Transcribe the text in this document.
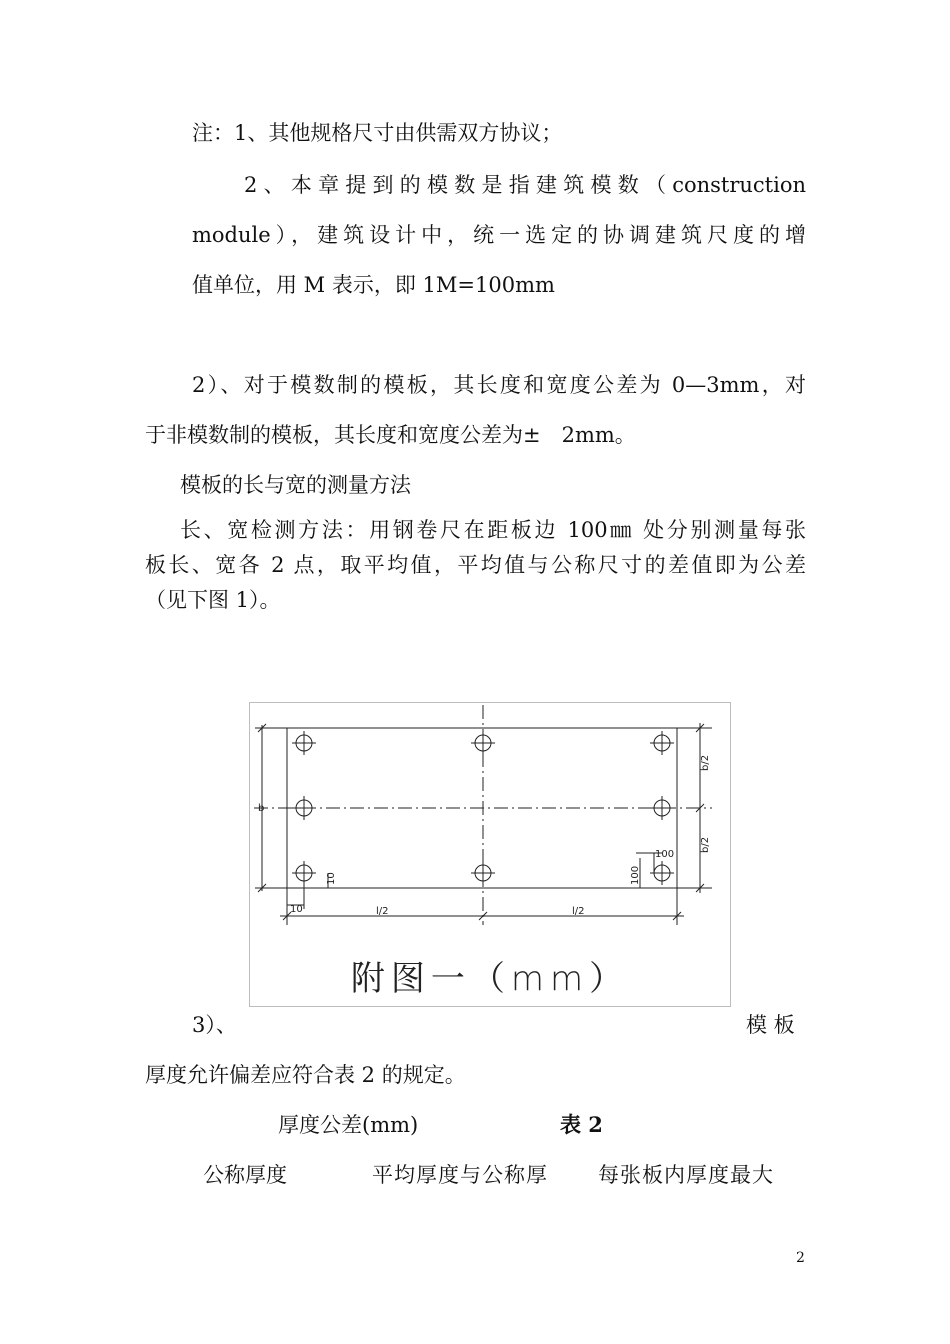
注：1、其他规格尺寸由供需双方协议；
2、本章提到的模数是指建筑模数（construction
module），建筑设计中，统一选定的协调建筑尺度的增
值单位，用 M 表示，即 1M=100mm
2）、对于模数制的模板，其长度和宽度公差为 0—3mm，对
于非模数制的模板，其长度和宽度公差为±　2mm。
模板的长与宽的测量方法
长、宽检测方法：用钢卷尺在距板边 100㎜ 处分别测量每张
板长、宽各 2 点，取平均值，平均值与公称尺寸的差值即为公差
（见下图 1）。
b
b/2
b/2
l/2	l/2
100
100
10
10
附图一（mm）
3）、	模 板
厚度允许偏差应符合表 2 的规定。
厚度公差(mm)	表 2
公称厚度	平均厚度与公称厚 每张板内厚度最大
2
